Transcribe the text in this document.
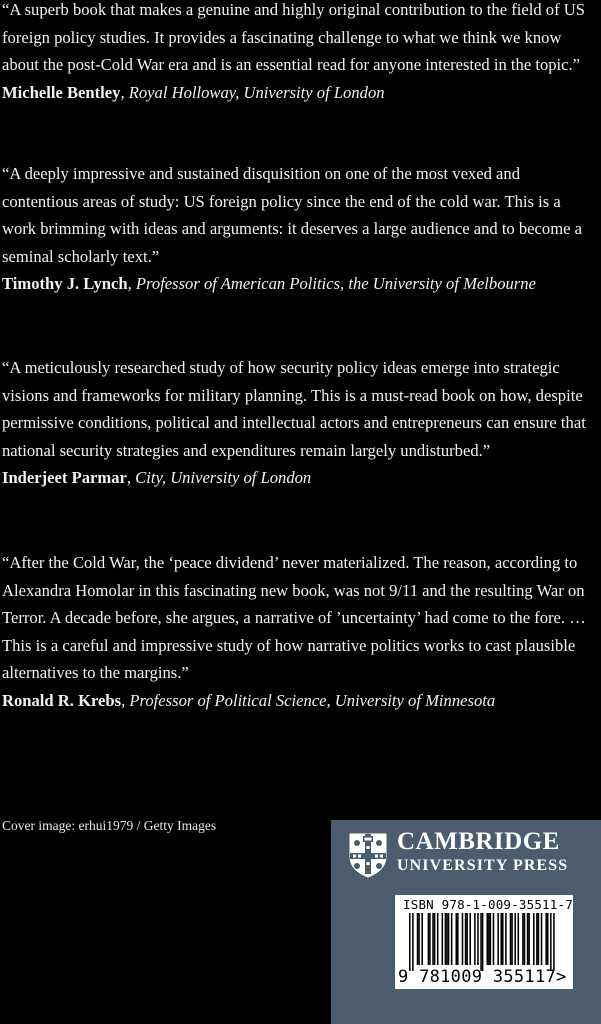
“A superb book that makes a genuine and highly original contribution to the field of US foreign policy studies. It provides a fascinating challenge to what we think we know about the post-Cold War era and is an essential read for anyone interested in the topic.”

Michelle Bentley, Royal Holloway, University of London

“A deeply impressive and sustained disquisition on one of the most vexed and contentious areas of study: US foreign policy since the end of the cold war. This is a work brimming with ideas and arguments: it deserves a large audience and to become a seminal scholarly text.”

Timothy J. Lynch, Professor of American Politics, the University of Melbourne

“A meticulously researched study of how security policy ideas emerge into strategic visions and frameworks for military planning. This is a must-read book on how, despite permissive conditions, political and intellectual actors and entrepreneurs can ensure that national security strategies and expenditures remain largely undisturbed.”

Inderjeet Parmar, City, University of London

“After the Cold War, the ‘peace dividend’ never materialized. The reason, according to Alexandra Homolar in this fascinating new book, was not 9/11 and the resulting War on Terror. A decade before, she argues, a narrative of ’uncertainty’ had come to the fore. … This is a careful and impressive study of how narrative politics works to cast plausible alternatives to the margins.”

Ronald R. Krebs, Professor of Political Science, University of Minnesota

Cover image: erhui1979 / Getty Images
CAMBRIDGE
UNIVERSITY PRESS
ISBN 978-1-009-35511-7
9 781009 355117>
